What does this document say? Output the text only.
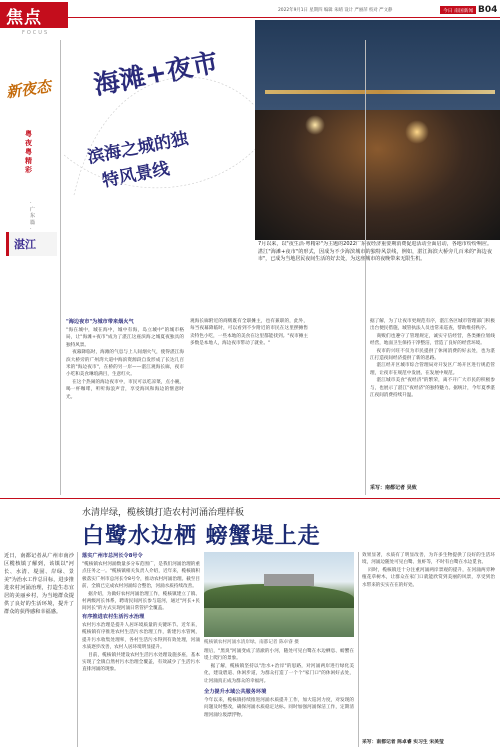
焦点
FOCUS
2022年9月1日 星期四 编辑 朱晴 设计 严丽萍 校对 严文静	今日 南国新闻 B04
新夜态
粤夜粤精彩
· 广东篇 ·
湛江
海滩+夜市
滨海之城的独特风景线
7月以来，以"夜生活·粤精彩"为主题的2022广东夜经济重要期消费促进活动全面启动，各地市纷纷响应。湛江"海滩+夜市"的形式，因成为不少海滨城市的独特风景线，例如，湛江海滨大桥旁几百米的"海边夜市"，已成为当地居民夜间生活的好去处，为这座城市的夜晚带来无限生机。
"海边夜市"为城市带来烟火气
"海在城中，城在海中，城中有海，岛立城中"的城市格局，让"海滩+夜市"成为了湛江这座滨海之城夏夜独具的独特风景。
夜幕降临时，海滩的气息与上人间烟火气，使得湛江海滨大桥旁的广州湾大道中海滨资源段自发形成了长达几百米的"海边夜市"，在桥的另一岸——湛江观海长廊，夜市小吃和美食琳琅满目，生意红火。
在这个热闹的海边夜市中，市民可以吃凉菜，点小碗，喝一杯咖啡，听听海浪声音，享受海风和海边的惬意时光。
观海长廊附近的商贩既有全职摊主，也有兼职的，此外，每当夜幕降临时，可以看到不少附近的市民在这里摆摊售卖特色小吃，一些本地的美食在这里都能找到。"夜市摊主多数是本地人，海边夜市带动了就业。"
据了解，为了让夜市更规范有序，湛江各区城市管理部门积极出台便民措施，城管执法人员也常来巡查，帮助维持秩序。
商贩们也遵守了管理规定，诚实守信经营，各类摊位划线经营，地面卫生保持干净整洁，营造了良好的经营环境。
夜市的兴旺不仅为市民提供了休闲消费的好去处，也为湛江打造夜间经济提供了新的思路。
湛江经开区城市综合管理局对开发区广场开区进行规范管理，让夜市在规范中发展、在发展中规范。
湛江城市美食"夜经济"的繁荣，离不开广大市民的积极参与，也展示了湛江"夜经济"的独特魅力。据统计，今年夏季湛江夜间消费持续升温。
采写：南都记者 吴致
水清岸绿，榄核镇打造农村河涌治理样板
白鹭水边栖 螃蟹堤上走
近日，南都记者从广州市南沙区榄核镇了解到，该镇以"河长、水清、堤固、岸绿、景美"为治水工作总目标，进步推进农村河涌治理，打造生态宜居的美丽乡村，为当地群众提供了良好的生活环境，提升了群众的获得感和幸福感。
落实广州市总河长令8号令
"榄核镇农村河涌数量多分布范围广，是我们河涌治理的重点任务之一。"榄核镇相关负责人介绍，近年来，榄核镇积极落实广州市总河长令8号令，推动农村河涌治理。截至目前，全镇已完成农村河涌综合整治，河涌水质持续改善。
据介绍，为做好农村河涌治理工作，榄核镇建立了镇、村两级河长体系，聘请民间河长参与巡河，通过"河长+民间河长"的方式实现河涌日常管护全覆盖。
有序推进农村生活污水治理
农村污水治理是提升人居环境质量的关键环节。近年来，榄核镇有序推进农村生活污水治理工作，新建污水管网，提升污水收集处理率，各村生活污水得到有效处理，河涌水质逐步改善，农村人居环境明显提升。
目前，榄核镇共建设农村生活污水处理设施多座，基本实现了全镇自然村污水治理全覆盖，有效减少了生活污水直排河涌的现象。
榄核镇农村河涌水清岸绿。南都记者 陈卓睿 摄
理后，"黑臭"河涌变成了清澈的小河，随处可见白鹭在水边栖息、螃蟹在堤上爬行的景象。
据了解，榄核镇坚持以"治水+治岸"的思路，对河涌两岸进行绿化美化，建设碧道、休闲步道，为群众打造了一个个"家门口"的休闲好去处，让河涌真正成为群众的幸福河。
全力提升水域公共服务环境
今年以来，榄核镇持续推进河涌水质提升工作，加大巡河力度，对发现的问题及时整改，确保河涌水质稳定达标。同时加强河涌保洁工作，定期清理河涌垃圾漂浮物。
效果显著，水质有了明显改善，为许多生物提供了良好的生活环境，河涌边随处可见白鹭、鱼虾等，不时有白鹭在水边觅食。
同时，榄核镇还十分注重河涌两岸景观的提升，在河涌两旁种植花草树木，让群众在家门口就能欣赏到美丽的风景，享受到治水带来的实实在在的好处。
采写：南都记者 陈卓睿 实习生 宋美莹
